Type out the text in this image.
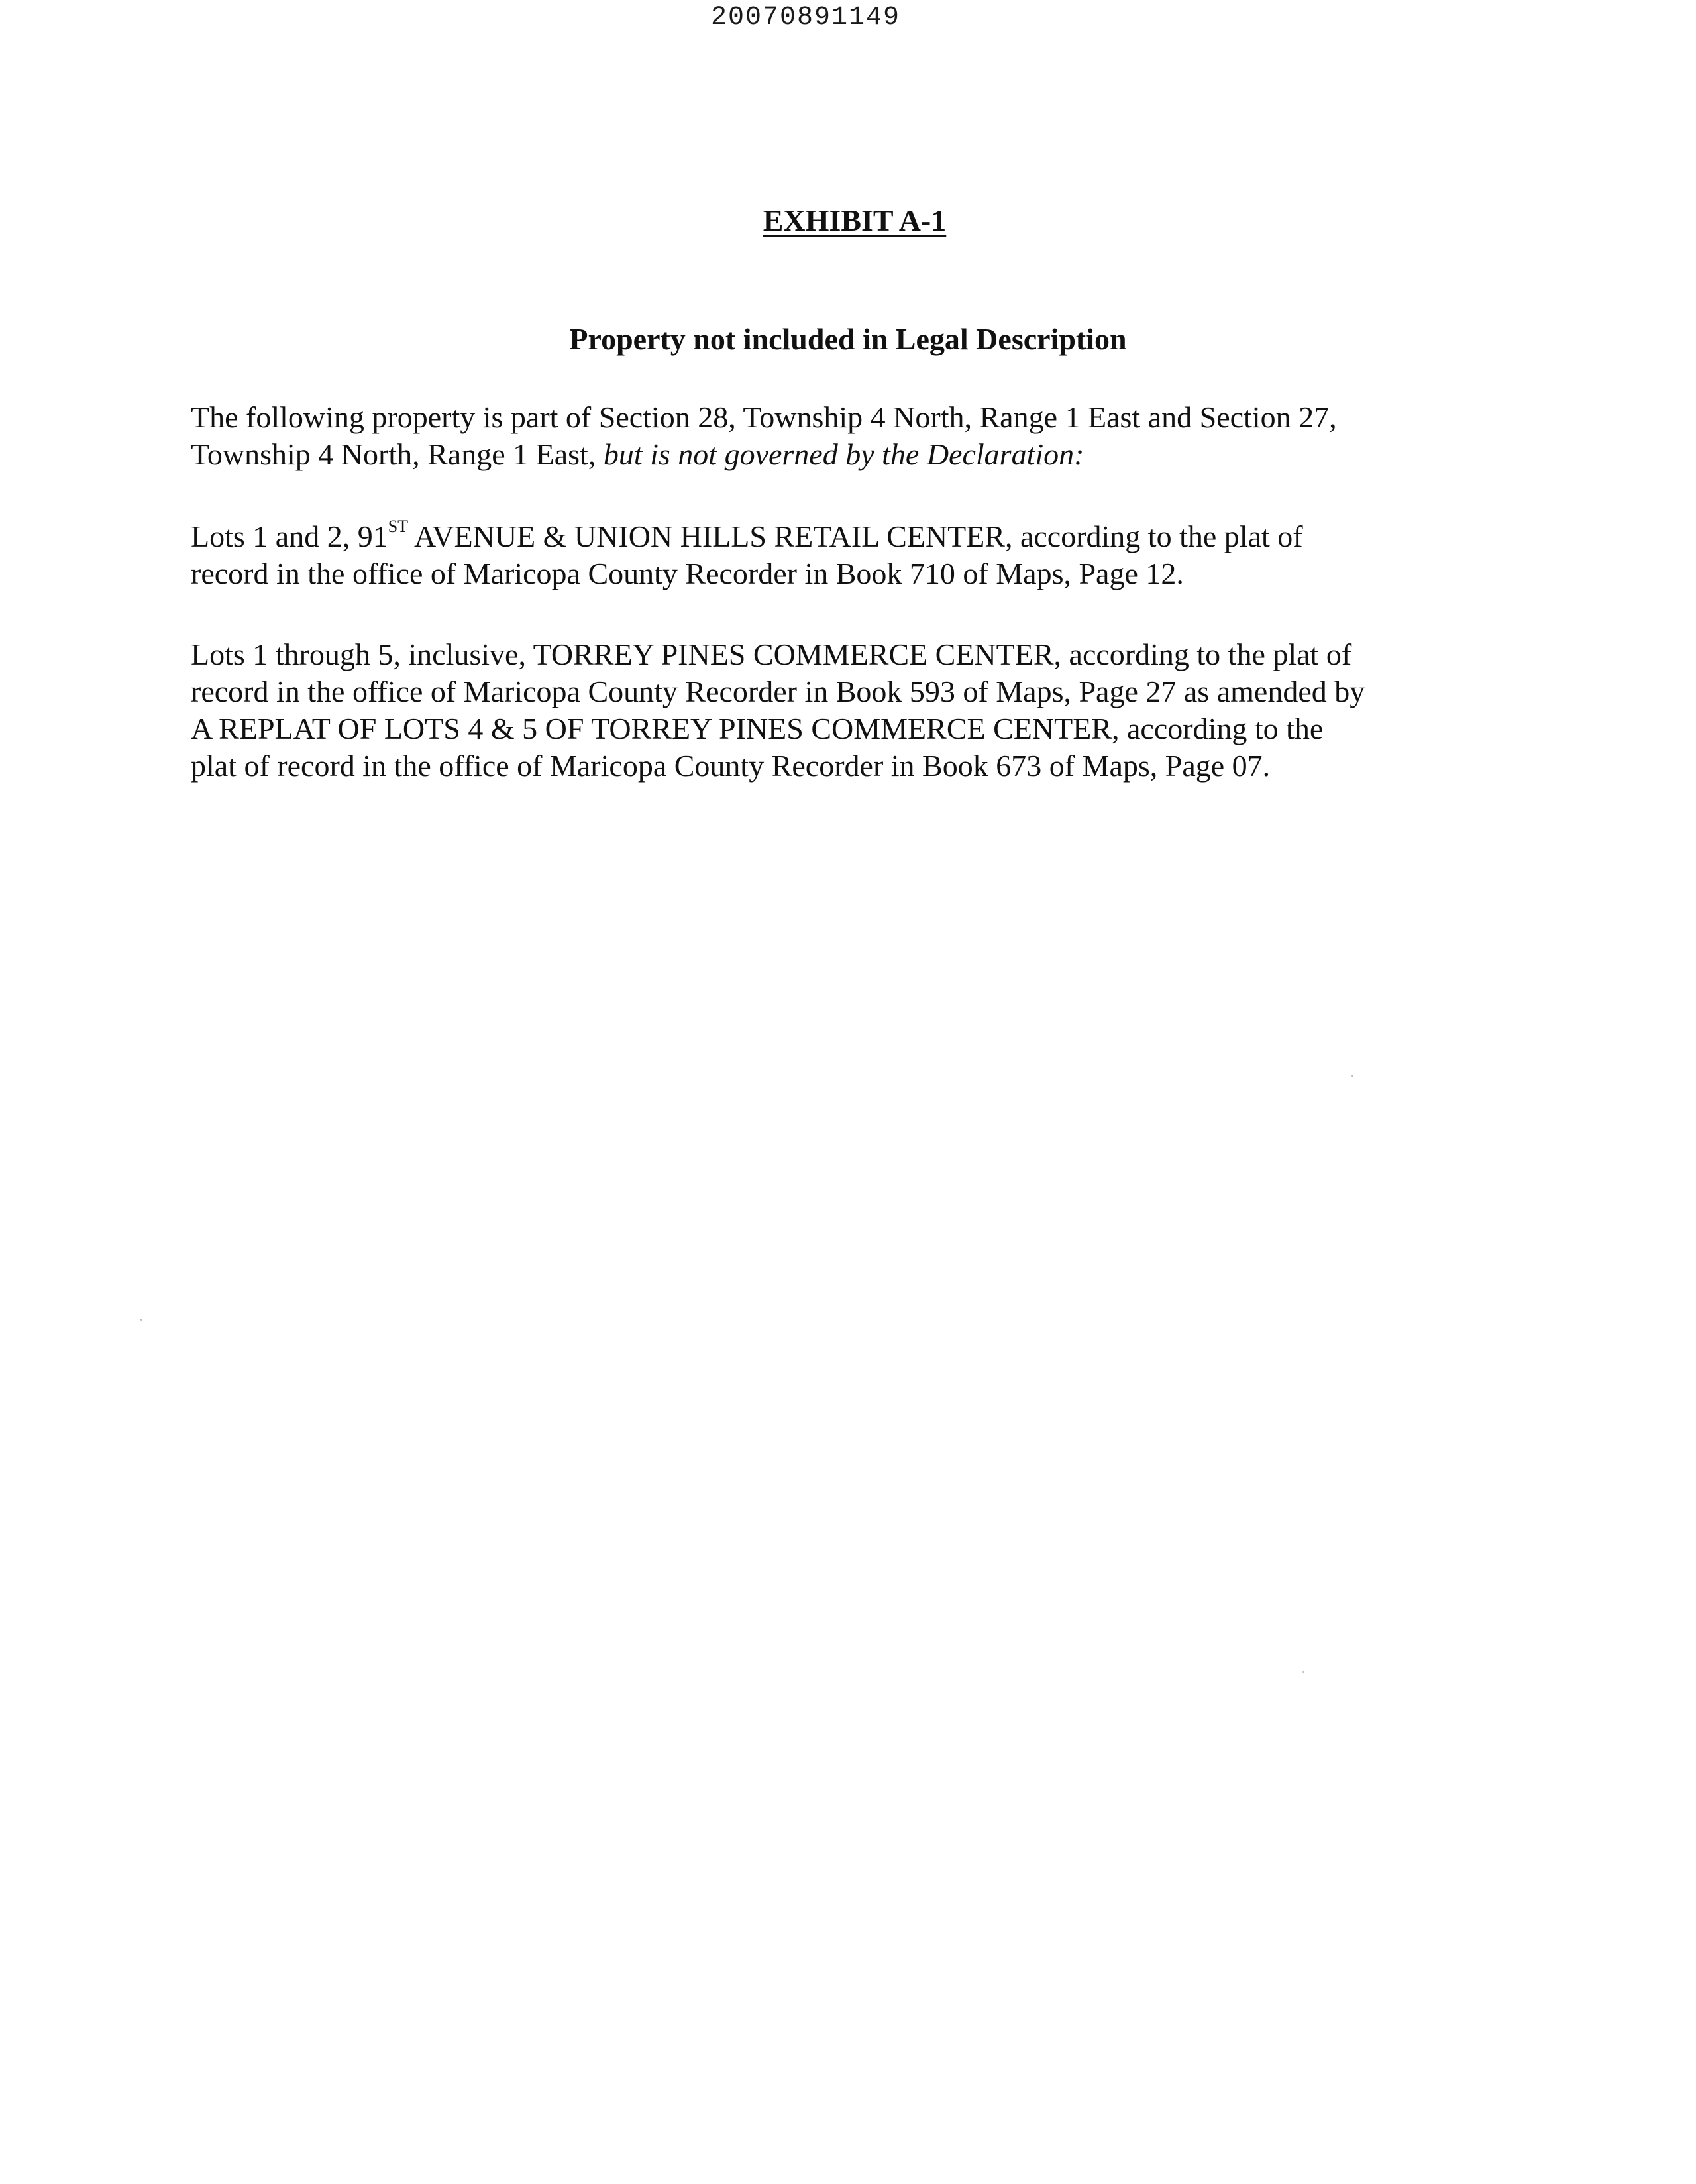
20070891149
EXHIBIT A-1
Property not included in Legal Description
The following property is part of Section 28, Township 4 North, Range 1 East and Section 27,
Township 4 North, Range 1 East, but is not governed by the Declaration:
Lots 1 and 2, 91ST AVENUE & UNION HILLS RETAIL CENTER, according to the plat of
record in the office of Maricopa County Recorder in Book 710 of Maps, Page 12.
Lots 1 through 5, inclusive, TORREY PINES COMMERCE CENTER, according to the plat of
record in the office of Maricopa County Recorder in Book 593 of Maps, Page 27 as amended by
A REPLAT OF LOTS 4 & 5 OF TORREY PINES COMMERCE CENTER, according to the
plat of record in the office of Maricopa County Recorder in Book 673 of Maps, Page 07.
